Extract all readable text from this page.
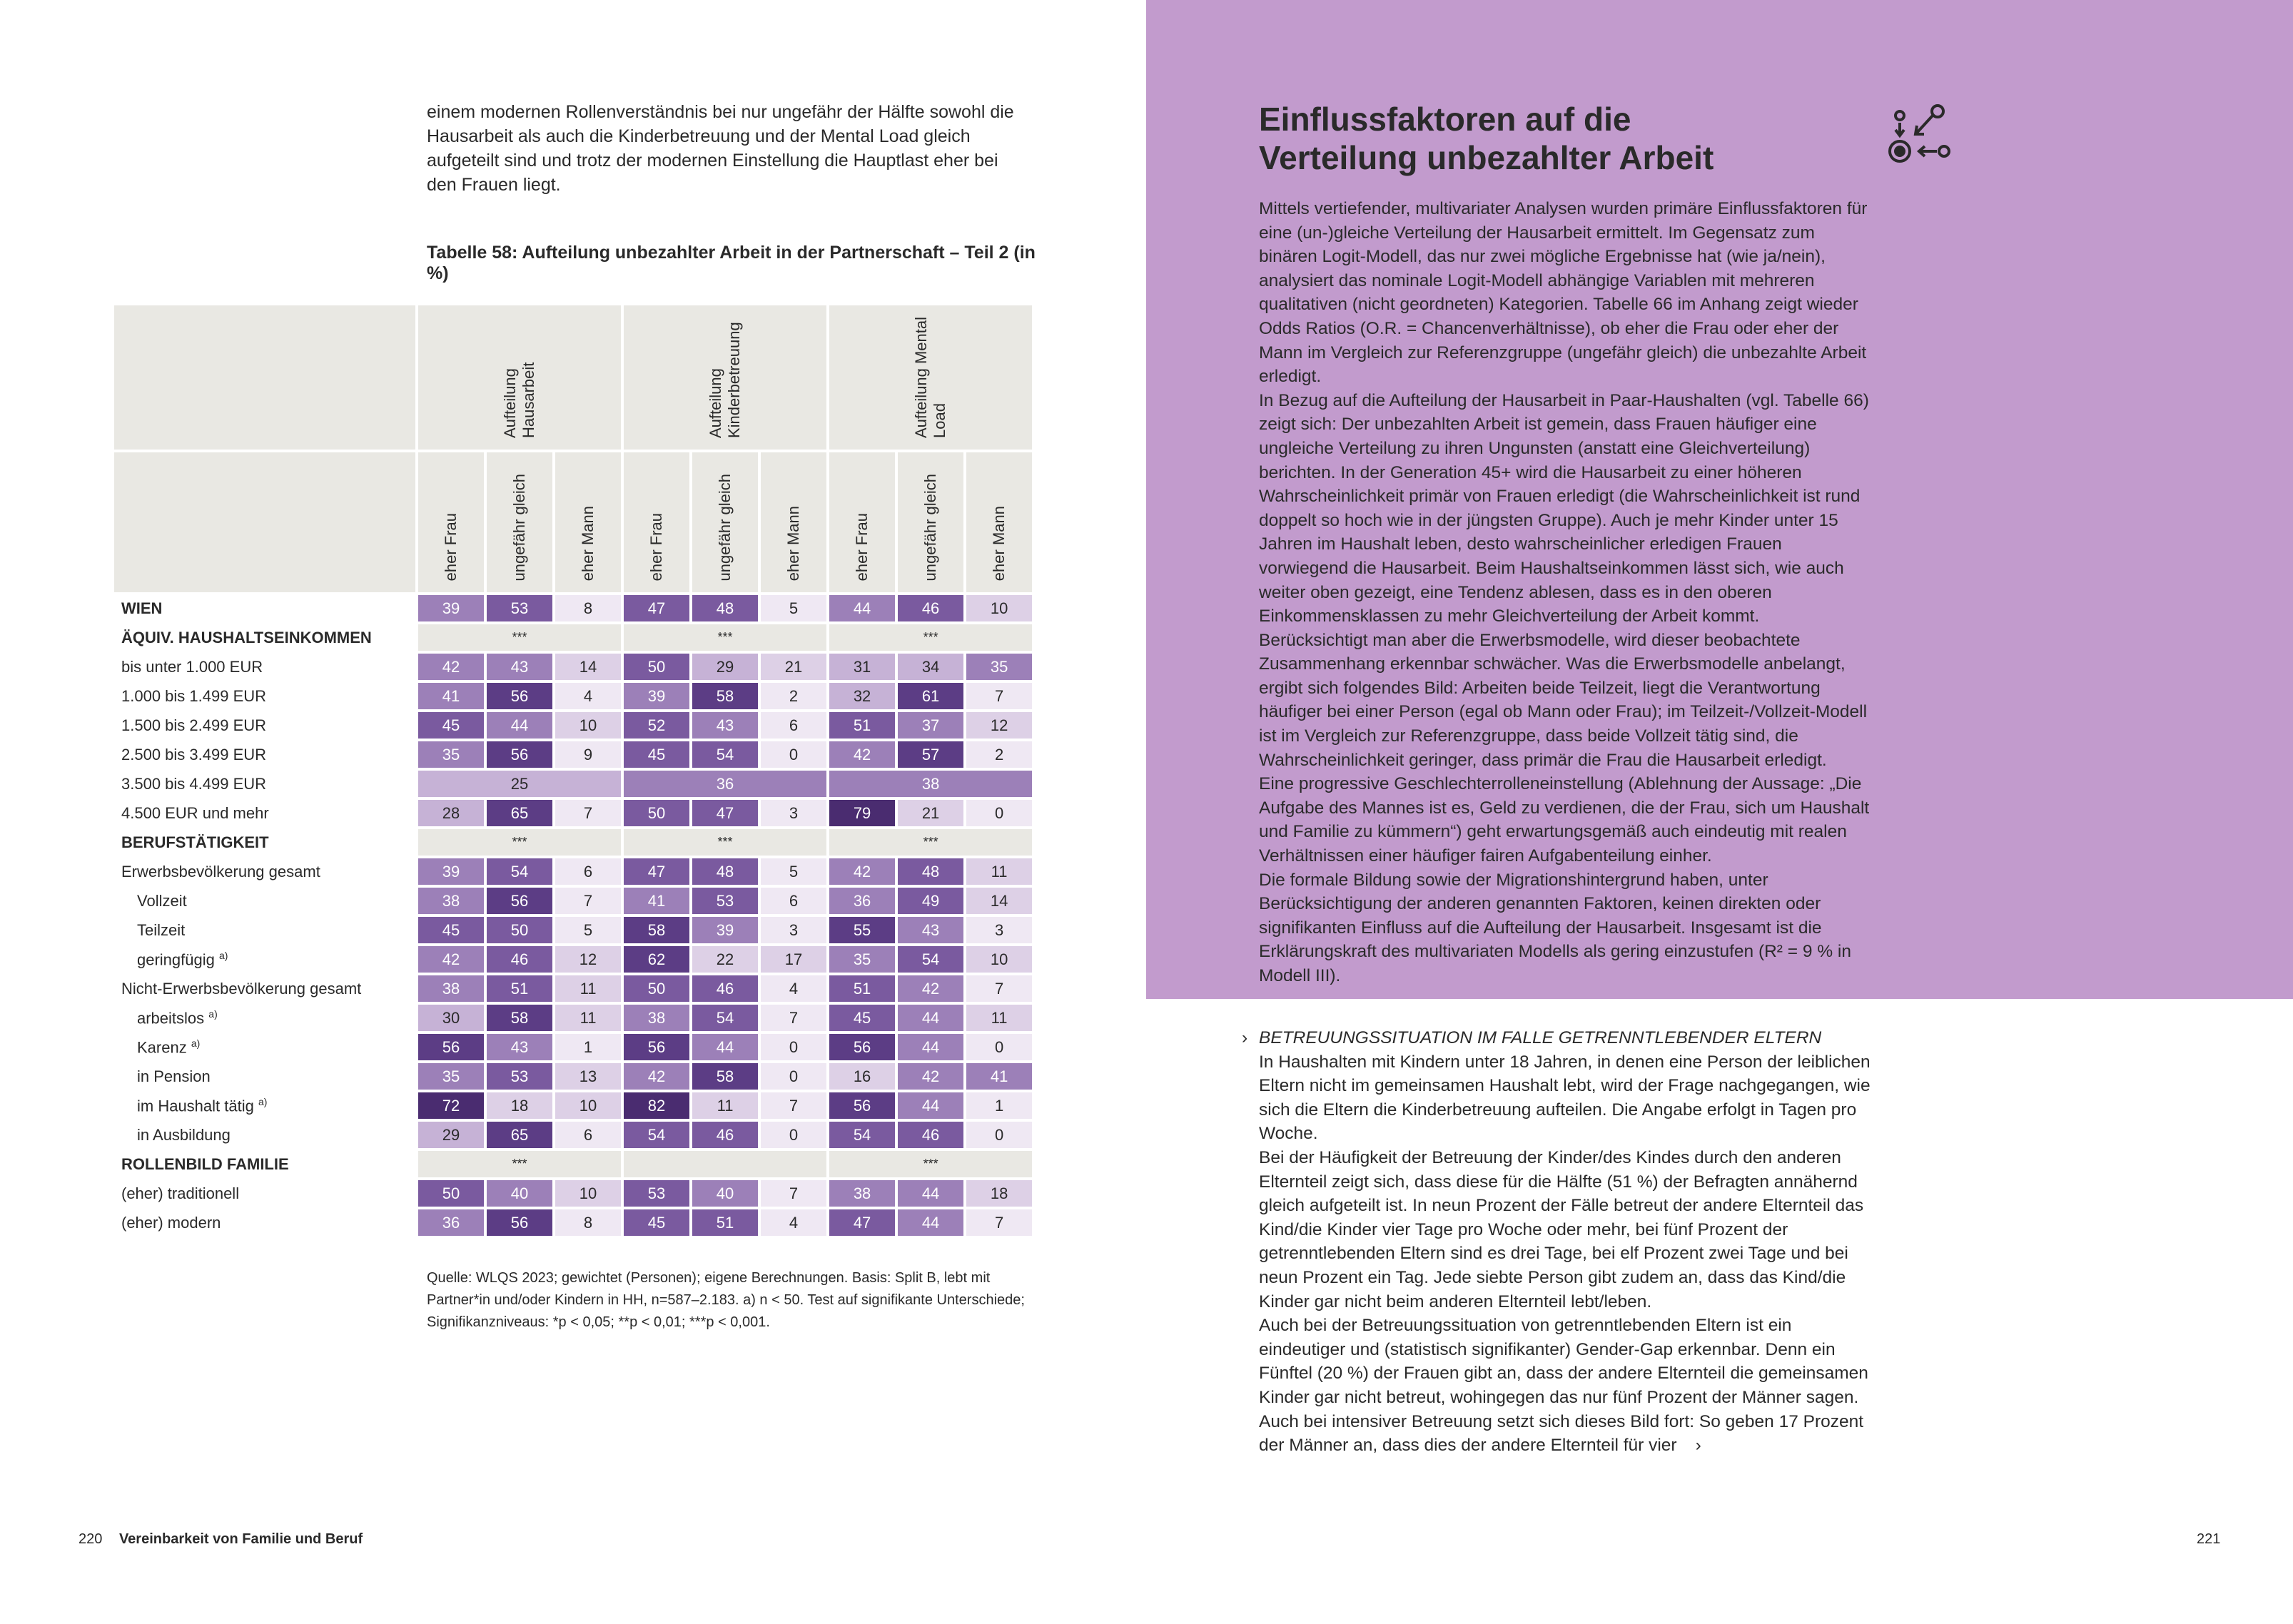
einem modernen Rollenverständnis bei nur ungefähr der Hälfte sowohl die Hausarbeit als auch die Kinderbetreuung und der Mental Load gleich aufgeteilt sind und trotz der modernen Einstellung die Hauptlast eher bei den Frauen liegt.
Tabelle 58: Aufteilung unbezahlter Arbeit in der Partnerschaft – Teil 2 (in %)
	Aufteilung Hausarbeit			Aufteilung Kinderbetreuung			Aufteilung Mental Load		
	eher Frau	ungefähr gleich	eher Mann	eher Frau	ungefähr gleich	eher Mann	eher Frau	ungefähr gleich	eher Mann
WIEN	39	53	8	47	48	5	44	46	10
ÄQUIV. HAUSHALTSEINKOMMEN	***			***			***		
bis unter 1.000 EUR	42	43	14	50	29	21	31	34	35
1.000 bis 1.499 EUR	41	56	4	39	58	2	32	61	7
1.500 bis 2.499 EUR	45	44	10	52	43	6	51	37	12
2.500 bis 3.499 EUR	35	56	9	45	54	0	42	57	2
3.500 bis 4.499 EUR	25			36			38		
4.500 EUR und mehr	28	65	7	50	47	3	79	21	0
BERUFSTÄTIGKEIT	***			***			***		
Erwerbsbevölkerung gesamt	39	54	6	47	48	5	42	48	11
Vollzeit	38	56	7	41	53	6	36	49	14
Teilzeit	45	50	5	58	39	3	55	43	3
geringfügig $^{a)}$	42	46	12	62	22	17	35	54	10
Nicht-Erwerbsbevölkerung gesamt	38	51	11	50	46	4	51	42	7
arbeitslos $^{a)}$	30	58	11	38	54	7	45	44	11
Karenz $^{a)}$	56	43	1	56	44	0	56	44	0
in Pension	35	53	13	42	58	0	16	42	41
im Haushalt tätig $^{a)}$	72	18	10	82	11	7	56	44	1
in Ausbildung	29	65	6	54	46	0	54	46	0
ROLLENBILD FAMILIE	***						***		
(eher) traditionell	50	40	10	53	40	7	38	44	18
(eher) modern	36	56	8	45	51	4	47	44	7
Quelle: WLQS 2023; gewichtet (Personen); eigene Berechnungen. Basis: Split B, lebt mit Partner*in und/oder Kindern in HH, n=587–2.183. a) n < 50. Test auf signifikante Unterschiede; Signifikanzniveaus: *p < 0,05; **p < 0,01; ***p < 0,001.
220 Vereinbarkeit von Familie und Beruf
Einflussfaktoren auf die
Verteilung unbezahlter Arbeit

Mittels vertiefender, multivariater Analysen wurden primäre Einflussfaktoren für eine (un-)gleiche Verteilung der Hausarbeit ermittelt. Im Gegensatz zum binären Logit-Modell, das nur zwei mögliche Ergebnisse hat (wie ja/nein), analysiert das nominale Logit-Modell abhängige Variablen mit mehreren qualitativen (nicht geordneten) Kategorien. Tabelle 66 im Anhang zeigt wieder Odds Ratios (O.R. = Chancenverhältnisse), ob eher die Frau oder eher der Mann im Vergleich zur Referenzgruppe (ungefähr gleich) die unbezahlte Arbeit erledigt.

In Bezug auf die Aufteilung der Hausarbeit in Paar-Haushalten (vgl. Tabelle 66) zeigt sich: Der unbezahlten Arbeit ist gemein, dass Frauen häufiger eine ungleiche Verteilung zu ihren Ungunsten (anstatt eine Gleichverteilung) berichten. In der Generation 45+ wird die Hausarbeit zu einer höheren Wahrscheinlichkeit primär von Frauen erledigt (die Wahrscheinlichkeit ist rund doppelt so hoch wie in der jüngsten Gruppe). Auch je mehr Kinder unter 15 Jahren im Haushalt leben, desto wahrscheinlicher erledigen Frauen vorwiegend die Hausarbeit. Beim Haushaltseinkommen lässt sich, wie auch weiter oben gezeigt, eine Tendenz ablesen, dass es in den oberen Einkommensklassen zu mehr Gleichverteilung der Arbeit kommt. Berücksichtigt man aber die Erwerbsmodelle, wird dieser beobachtete Zusammenhang erkennbar schwächer. Was die Erwerbsmodelle anbelangt, ergibt sich folgendes Bild: Arbeiten beide Teilzeit, liegt die Verantwortung häufiger bei einer Person (egal ob Mann oder Frau); im Teilzeit-/Vollzeit-Modell ist im Vergleich zur Referenzgruppe, dass beide Vollzeit tätig sind, die Wahrscheinlichkeit geringer, dass primär die Frau die Hausarbeit erledigt.

Eine progressive Geschlechterrolleneinstellung (Ablehnung der Aussage: „Die Aufgabe des Mannes ist es, Geld zu verdienen, die der Frau, sich um Haushalt und Familie zu kümmern“) geht erwartungsgemäß auch eindeutig mit realen Verhältnissen einer häufiger fairen Aufgabenteilung einher.

Die formale Bildung sowie der Migrationshintergrund haben, unter Berücksichtigung der anderen genannten Faktoren, keinen direkten oder signifikanten Einfluss auf die Aufteilung der Hausarbeit. Insgesamt ist die Erklärungskraft des multivariaten Modells als gering einzustufen (R² = 9 % in Modell III).

› BETREUUNGSSITUATION IM FALLE GETRENNTLEBENDER ELTERN

In Haushalten mit Kindern unter 18 Jahren, in denen eine Person der leiblichen Eltern nicht im gemeinsamen Haushalt lebt, wird der Frage nachgegangen, wie sich die Eltern die Kinderbetreuung aufteilen. Die Angabe erfolgt in Tagen pro Woche.

Bei der Häufigkeit der Betreuung der Kinder/des Kindes durch den anderen Elternteil zeigt sich, dass diese für die Hälfte (51 %) der Befragten annähernd gleich aufgeteilt ist. In neun Prozent der Fälle betreut der andere Elternteil das Kind/die Kinder vier Tage pro Woche oder mehr, bei fünf Prozent der getrenntlebenden Eltern sind es drei Tage, bei elf Prozent zwei Tage und bei neun Prozent ein Tag. Jede siebte Person gibt zudem an, dass das Kind/die Kinder gar nicht beim anderen Elternteil lebt/leben.

Auch bei der Betreuungssituation von getrenntlebenden Eltern ist ein eindeutiger und (statistisch signifikanter) Gender-Gap erkennbar. Denn ein Fünftel (20 %) der Frauen gibt an, dass der andere Elternteil die gemeinsamen Kinder gar nicht betreut, wohingegen das nur fünf Prozent der Männer sagen. Auch bei intensiver Betreuung setzt sich dieses Bild fort: So geben 17 Prozent der Männer an, dass dies der andere Elternteil für vier ›

221
